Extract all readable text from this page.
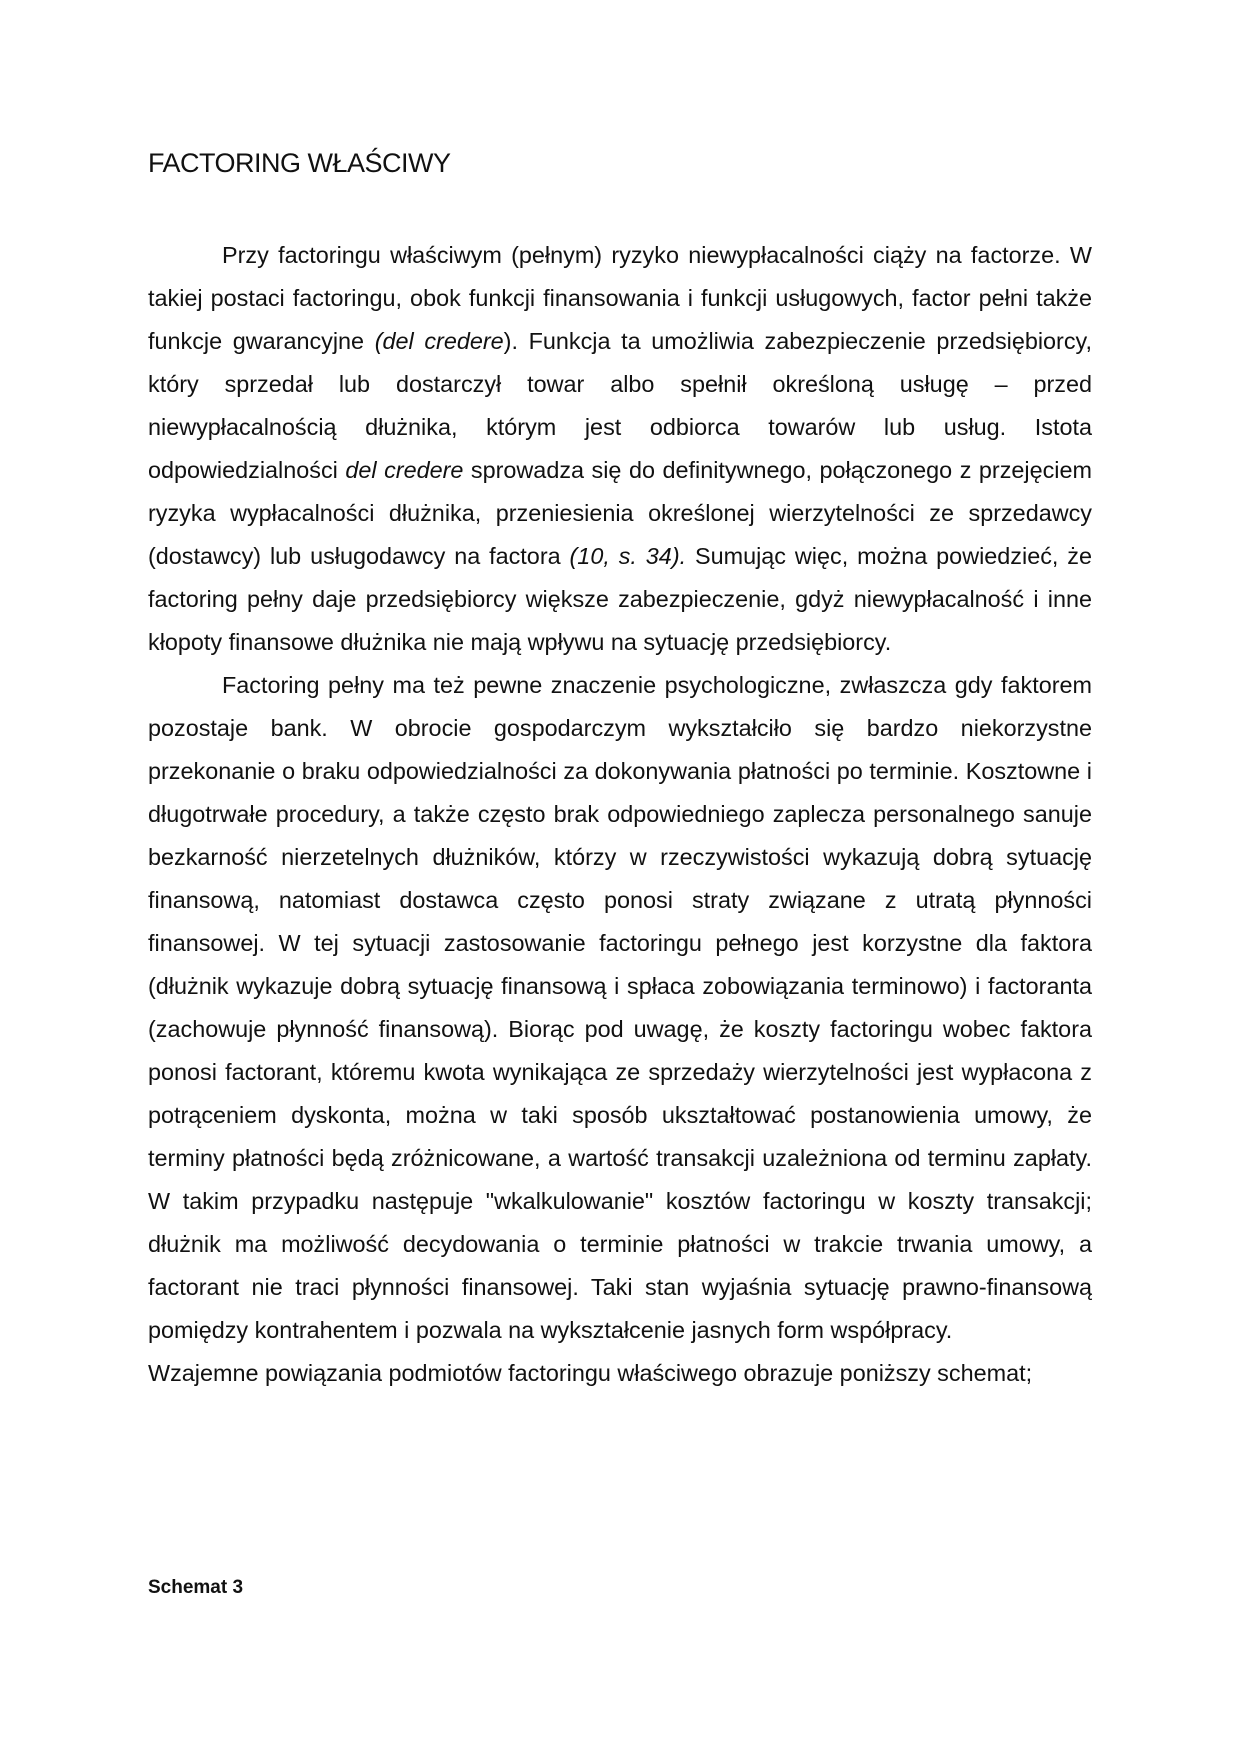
FACTORING WŁAŚCIWY

Przy factoringu właściwym (pełnym) ryzyko niewypłacalności ciąży na factorze. W takiej postaci factoringu, obok funkcji finansowania i funkcji usługowych, factor pełni także funkcje gwarancyjne (del credere). Funkcja ta umożliwia zabezpieczenie przedsiębiorcy, który sprzedał lub dostarczył towar albo spełnił określoną usługę – przed niewypłacalnością dłużnika, którym jest odbiorca towarów lub usług. Istota odpowiedzialności del credere sprowadza się do definitywnego, połączonego z przejęciem ryzyka wypłacalności dłużnika, przeniesienia określonej wierzytelności ze sprzedawcy (dostawcy) lub usługodawcy na factora (10, s. 34). Sumując więc, można powiedzieć, że factoring pełny daje przedsiębiorcy większe zabezpieczenie, gdyż niewypłacalność i inne kłopoty finansowe dłużnika nie mają wpływu na sytuację przedsiębiorcy.

Factoring pełny ma też pewne znaczenie psychologiczne, zwłaszcza gdy faktorem pozostaje bank. W obrocie gospodarczym wykształciło się bardzo niekorzystne przekonanie o braku odpowiedzialności za dokonywania płatności po terminie. Kosztowne i długotrwałe procedury, a także często brak odpowiedniego zaplecza personalnego sanuje bezkarność nierzetelnych dłużników, którzy w rzeczywistości wykazują dobrą sytuację finansową, natomiast dostawca często ponosi straty związane z utratą płynności finansowej. W tej sytuacji zastosowanie factoringu pełnego jest korzystne dla faktora (dłużnik wykazuje dobrą sytuację finansową i spłaca zobowiązania terminowo) i factoranta (zachowuje płynność finansową). Biorąc pod uwagę, że koszty factoringu wobec faktora ponosi factorant, któremu kwota wynikająca ze sprzedaży wierzytelności jest wypłacona z potrąceniem dyskonta, można w taki sposób ukształtować postanowienia umowy, że terminy płatności będą zróżnicowane, a wartość transakcji uzależniona od terminu zapłaty. W takim przypadku następuje "wkalkulowanie" kosztów factoringu w koszty transakcji; dłużnik ma możliwość decydowania o terminie płatności w trakcie trwania umowy, a factorant nie traci płynności finansowej. Taki stan wyjaśnia sytuację prawno-finansową pomiędzy kontrahentem i pozwala na wykształcenie jasnych form współpracy.

Wzajemne powiązania podmiotów factoringu właściwego obrazuje poniższy schemat;

Schemat 3
